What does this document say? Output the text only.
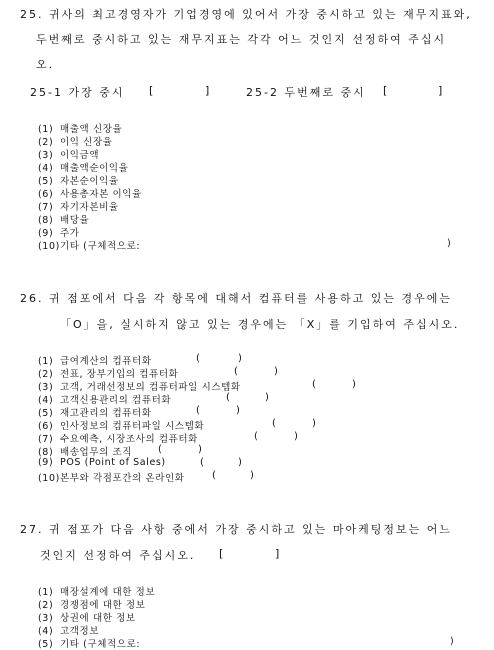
25. 귀사의 최고경영자가 기업경영에 있어서 가장 중시하고 있는 재무지표와,
두번째로 중시하고 있는 재무지표는 각각 어느 것인지 선정하여 주십시
오.
25-1 가장 중시 [	]	25-2 두번째로 중시 [	]
(1) 매출액 신장율
(2) 이익 신장율
(3) 이익금액
(4) 매출액순이익율
(5) 자본순이익율
(6) 사용총자본 이익율
(7) 자기자본비율
(8) 배당율
(9) 주가
(10)기타 (구체적으로:	)
26. 귀 점포에서 다음 각 항목에 대해서 컴퓨터를 사용하고 있는 경우에는
「O」을, 실시하지 않고 있는 경우에는 「X」를 기입하여 주십시오.
(1) 급여계산의 컴퓨터화	(	)
(2) 전표, 장부기입의 컴퓨터화	(	)
(3) 고객, 거래선정보의 컴퓨터파일 시스템화	(	)
(4) 고객신용관리의 컴퓨터화	(	)
(5) 재고관리의 컴퓨터화	(	)
(6) 인사정보의 컴퓨터파일 시스템화	(	)
(7) 수요예측, 시장조사의 컴퓨터화	(	)
(8) 배송업무의 조직	(	)
(9) POS (Point of Sales)	(	)
(10)본부와 각점포간의 온라인화	(	)
27. 귀 점포가 다음 사항 중에서 가장 중시하고 있는 마아케팅정보는 어느
것인지 선정하여 주십시오. [	]
(1) 매장설계에 대한 정보
(2) 경쟁점에 대한 정보
(3) 상권에 대한 정보
(4) 고객정보
(5) 기타 (구체적으로:	)
